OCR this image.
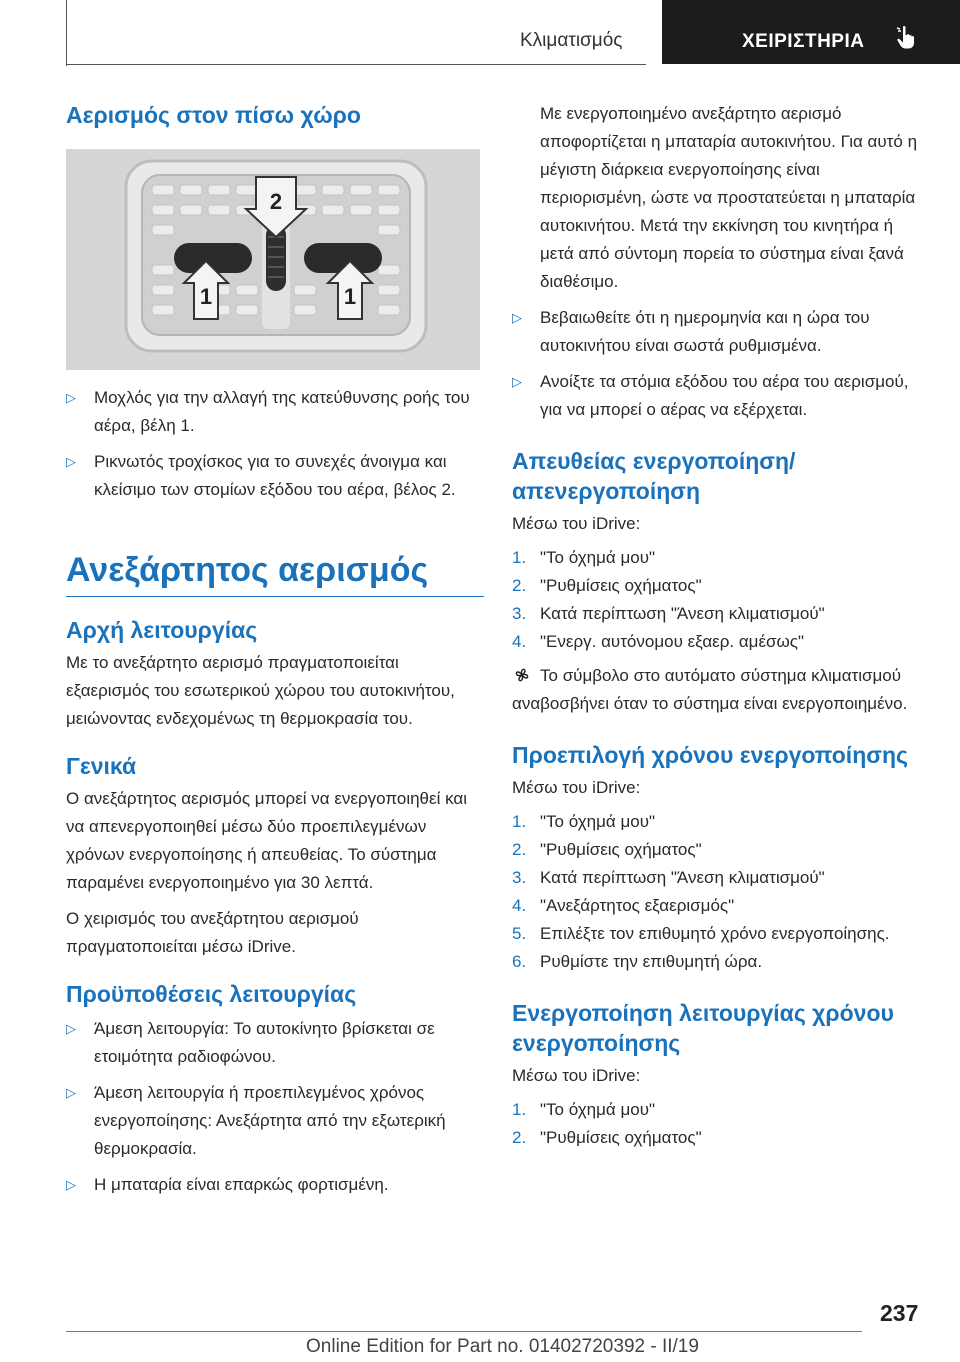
Κλιματισμός	ΧΕΙΡΙΣΤΗΡΙΑ
Αερισμός στον πίσω χώρο
1	1
2
▷ Μοχλός για την αλλαγή της κατεύθυνσης ροής του αέρα, βέλη 1.
▷ Ρικνωτός τροχίσκος για το συνεχές άνοιγμα και κλείσιμο των στομίων εξόδου του αέρα, βέλος 2.
Ανεξάρτητος αερισμός
Αρχή λειτουργίας

Με το ανεξάρτητο αερισμό πραγματοποιείται εξαερισμός του εσωτερικού χώρου του αυτοκινήτου, μειώνοντας ενδεχομένως τη θερμοκρασία του.

Γενικά

Ο ανεξάρτητος αερισμός μπορεί να ενεργοποιηθεί και να απενεργοποιηθεί μέσω δύο προεπιλεγμένων χρόνων ενεργοποίησης ή απευθείας. Το σύστημα παραμένει ενεργοποιημένο για 30 λεπτά.

Ο χειρισμός του ανεξάρτητου αερισμού πραγματοποιείται μέσω iDrive.

Προϋποθέσεις λειτουργίας
▷ Άμεση λειτουργία: Το αυτοκίνητο βρίσκεται σε ετοιμότητα ραδιοφώνου.
▷ Άμεση λειτουργία ή προεπιλεγμένος χρόνος ενεργοποίησης: Ανεξάρτητα από την εξωτερική θερμοκρασία.
▷ Η μπαταρία είναι επαρκώς φορτισμένη.

Με ενεργοποιημένο ανεξάρτητο αερισμό αποφορτίζεται η μπαταρία αυτοκινήτου. Για αυτό η μέγιστη διάρκεια ενεργοποίησης είναι περιορισμένη, ώστε να προστατεύεται η μπαταρία αυτοκινήτου. Μετά την εκκίνηση του κινητήρα ή μετά από σύντομη πορεία το σύστημα είναι ξανά διαθέσιμο.

▷ Βεβαιωθείτε ότι η ημερομηνία και η ώρα του αυτοκινήτου είναι σωστά ρυθμισμένα.
▷ Ανοίξτε τα στόμια εξόδου του αέρα του αερισμού, για να μπορεί ο αέρας να εξέρχεται.
Απευθείας ενεργοποίηση/ απενεργοποίηση

Μέσω του iDrive:

1. "Το όχημά μου"
2. "Ρυθμίσεις οχήματος"
3. Κατά περίπτωση "Άνεση κλιματισμού"
4. "Ενεργ. αυτόνομου εξαερ. αμέσως"

Το σύμβολο στο αυτόματο σύστημα κλιματισμού αναβοσβήνει όταν το σύστημα είναι ενεργοποιημένο.

Προεπιλογή χρόνου ενεργοποίησης

Μέσω του iDrive:

1. "Το όχημά μου"
2. "Ρυθμίσεις οχήματος"
3. Κατά περίπτωση "Άνεση κλιματισμού"
4. "Ανεξάρτητος εξαερισμός"
5. Επιλέξτε τον επιθυμητό χρόνο ενεργοποίησης.
6. Ρυθμίστε την επιθυμητή ώρα.
Ενεργοποίηση λειτουργίας χρόνου ενεργοποίησης

Μέσω του iDrive:

1. "Το όχημά μου"
2. "Ρυθμίσεις οχήματος"
237
Online Edition for Part no. 01402720392 - II/19
